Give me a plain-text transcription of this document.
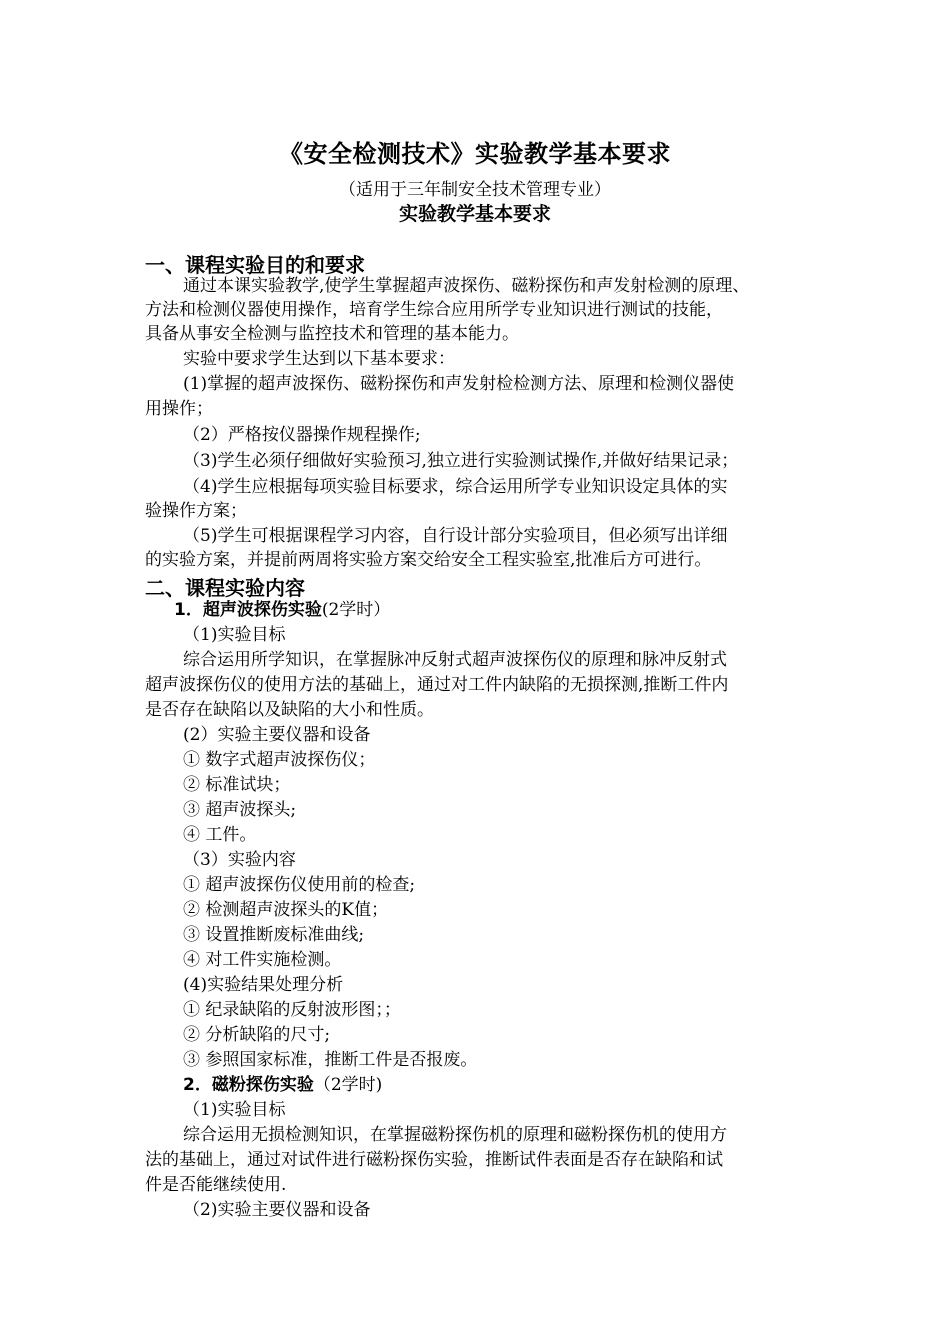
《安全检测技术》实验教学基本要求
（适用于三年制安全技术管理专业）
实验教学基本要求
一、课程实验目的和要求
通过本课实验教学,使学生掌握超声波探伤、磁粉探伤和声发射检测的原理、
方法和检测仪器使用操作，培育学生综合应用所学专业知识进行测试的技能，
具备从事安全检测与监控技术和管理的基本能力。
实验中要求学生达到以下基本要求：
(1)掌握的超声波探伤、磁粉探伤和声发射检检测方法、原理和检测仪器使
用操作；
（2）严格按仪器操作规程操作;
（3)学生必须仔细做好实验预习,独立进行实验测试操作,并做好结果记录；
（4)学生应根据每项实验目标要求，综合运用所学专业知识设定具体的实
验操作方案；
（5)学生可根据课程学习内容，自行设计部分实验项目，但必须写出详细
的实验方案，并提前两周将实验方案交给安全工程实验室,批准后方可进行。
二、课程实验内容
1．超声波探伤实验(2学时）
（1)实验目标
综合运用所学知识，在掌握脉冲反射式超声波探伤仪的原理和脉冲反射式
超声波探伤仪的使用方法的基础上，通过对工件内缺陷的无损探测,推断工件内
是否存在缺陷以及缺陷的大小和性质。
(2）实验主要仪器和设备
① 数字式超声波探伤仪；
② 标准试块；
③ 超声波探头;
④ 工件。
（3）实验内容
① 超声波探伤仪使用前的检查;
② 检测超声波探头的K值；
③ 设置推断废标准曲线;
④ 对工件实施检测。
(4)实验结果处理分析
① 纪录缺陷的反射波形图；；
② 分析缺陷的尺寸;
③ 参照国家标准，推断工件是否报废。
2．磁粉探伤实验（2学时)
（1)实验目标
综合运用无损检测知识，在掌握磁粉探伤机的原理和磁粉探伤机的使用方
法的基础上，通过对试件进行磁粉探伤实验，推断试件表面是否存在缺陷和试
件是否能继续使用.
（2)实验主要仪器和设备
